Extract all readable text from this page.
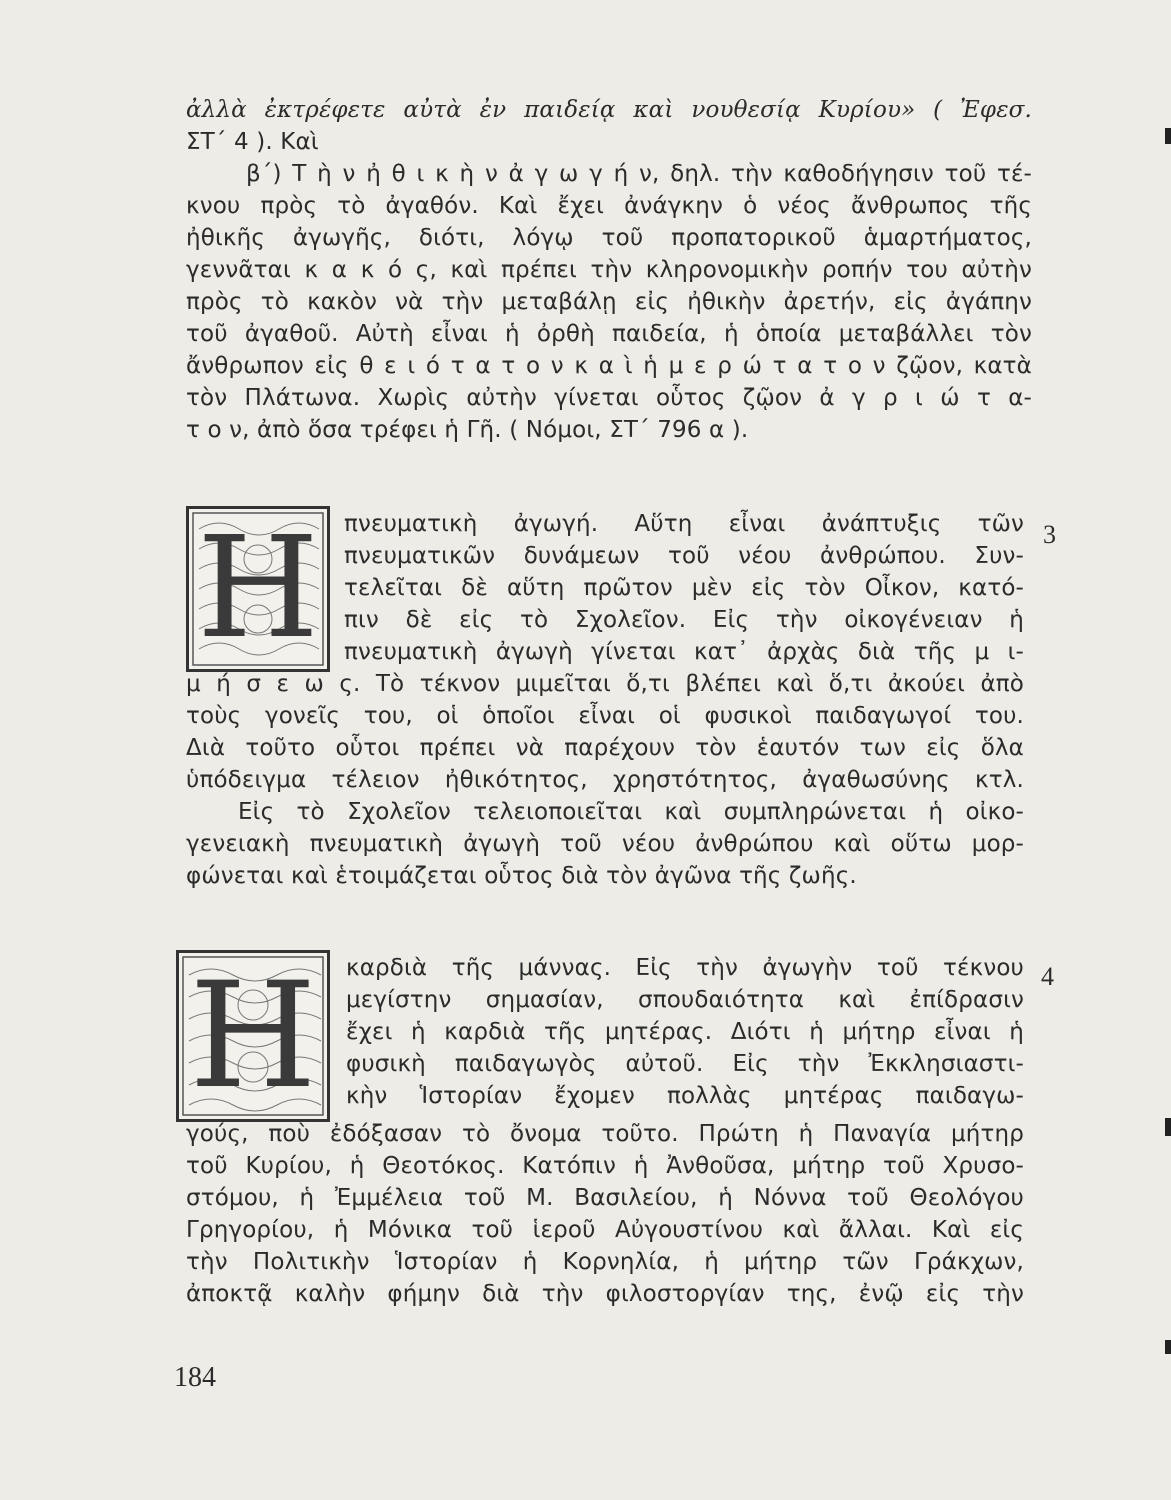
ἀλλὰ ἐκτρέφετε αὐτὰ ἐν παιδείᾳ καὶ νουθεσίᾳ Κυρίου» ( Ἐφεσ.
ΣΤ΄ 4 ). Καὶ
β΄) Τ ὴ ν ἠ θ ι κ ὴ ν ἀ γ ω γ ή ν, δηλ. τὴν καθοδήγησιν τοῦ τέ-
κνου πρὸς τὸ ἀγαθόν. Καὶ ἔχει ἀνάγκην ὁ νέος ἄνθρωπος τῆς
ἠθικῆς ἀγωγῆς, διότι, λόγῳ τοῦ προπατορικοῦ ἁμαρτήματος,
γεννᾶται κ α κ ό ς, καὶ πρέπει τὴν κληρονομικὴν ροπήν του αὐτὴν
πρὸς τὸ κακὸν νὰ τὴν μεταβάλῃ εἰς ἠθικὴν ἀρετήν, εἰς ἀγάπην
τοῦ ἀγαθοῦ. Αὐτὴ εἶναι ἡ ὀρθὴ παιδεία, ἡ ὁποία μεταβάλλει τὸν
ἄνθρωπον εἰς θ ε ι ό τ α τ ο ν κ α ὶ ἡ μ ε ρ ώ τ α τ ο ν ζῷον, κατὰ
τὸν Πλάτωνα. Χωρὶς αὐτὴν γίνεται οὗτος ζῷον ἀ γ ρ ι ώ τ α-
τ ο ν, ἀπὸ ὅσα τρέφει ἡ Γῆ. ( Νόμοι, ΣΤ΄ 796 α ).
3
Η	πνευματικὴ ἀγωγή. Αὕτη εἶναι ἀνάπτυξις τῶν
πνευματικῶν δυνάμεων τοῦ νέου ἀνθρώπου. Συν-
τελεῖται δὲ αὕτη πρῶτον μὲν εἰς τὸν Οἶκον, κατό-
πιν δὲ εἰς τὸ Σχολεῖον. Εἰς τὴν οἰκογένειαν ἡ
πνευματικὴ ἀγωγὴ γίνεται κατ᾽ ἀρχὰς διὰ τῆς μ ι-
μ ή σ ε ω ς. Τὸ τέκνον μιμεῖται ὅ,τι βλέπει καὶ ὅ,τι ἀκούει ἀπὸ
τοὺς γονεῖς του, οἱ ὁποῖοι εἶναι οἱ φυσικοὶ παιδαγωγοί του.
Διὰ τοῦτο οὗτοι πρέπει νὰ παρέχουν τὸν ἑαυτόν των εἰς ὅλα
ὑπόδειγμα τέλειον ἠθικότητος, χρηστότητος, ἀγαθωσύνης κτλ.
Εἰς τὸ Σχολεῖον τελειοποιεῖται καὶ συμπληρώνεται ἡ οἰκο-
γενειακὴ πνευματικὴ ἀγωγὴ τοῦ νέου ἀνθρώπου καὶ οὕτω μορ-
φώνεται καὶ ἑτοιμάζεται οὗτος διὰ τὸν ἀγῶνα τῆς ζωῆς.
4
Η	καρδιὰ τῆς μάννας. Εἰς τὴν ἀγωγὴν τοῦ τέκνου
μεγίστην σημασίαν, σπουδαιότητα καὶ ἐπίδρασιν
ἔχει ἡ καρδιὰ τῆς μητέρας. Διότι ἡ μήτηρ εἶναι ἡ
φυσικὴ παιδαγωγὸς αὐτοῦ. Εἰς τὴν Ἐκκλησιαστι-
κὴν Ἱστορίαν ἔχομεν πολλὰς μητέρας παιδαγω-
γούς, ποὺ ἐδόξασαν τὸ ὄνομα τοῦτο. Πρώτη ἡ Παναγία μήτηρ
τοῦ Κυρίου, ἡ Θεοτόκος. Κατόπιν ἡ Ἀνθοῦσα, μήτηρ τοῦ Χρυσο-
στόμου, ἡ Ἐμμέλεια τοῦ Μ. Βασιλείου, ἡ Νόννα τοῦ Θεολόγου
Γρηγορίου, ἡ Μόνικα τοῦ ἱεροῦ Αὐγουστίνου καὶ ἄλλαι. Καὶ εἰς
τὴν Πολιτικὴν Ἱστορίαν ἡ Κορνηλία, ἡ μήτηρ τῶν Γράκχων,
ἀποκτᾷ καλὴν φήμην διὰ τὴν φιλοστοργίαν της, ἐνῷ εἰς τὴν
184
